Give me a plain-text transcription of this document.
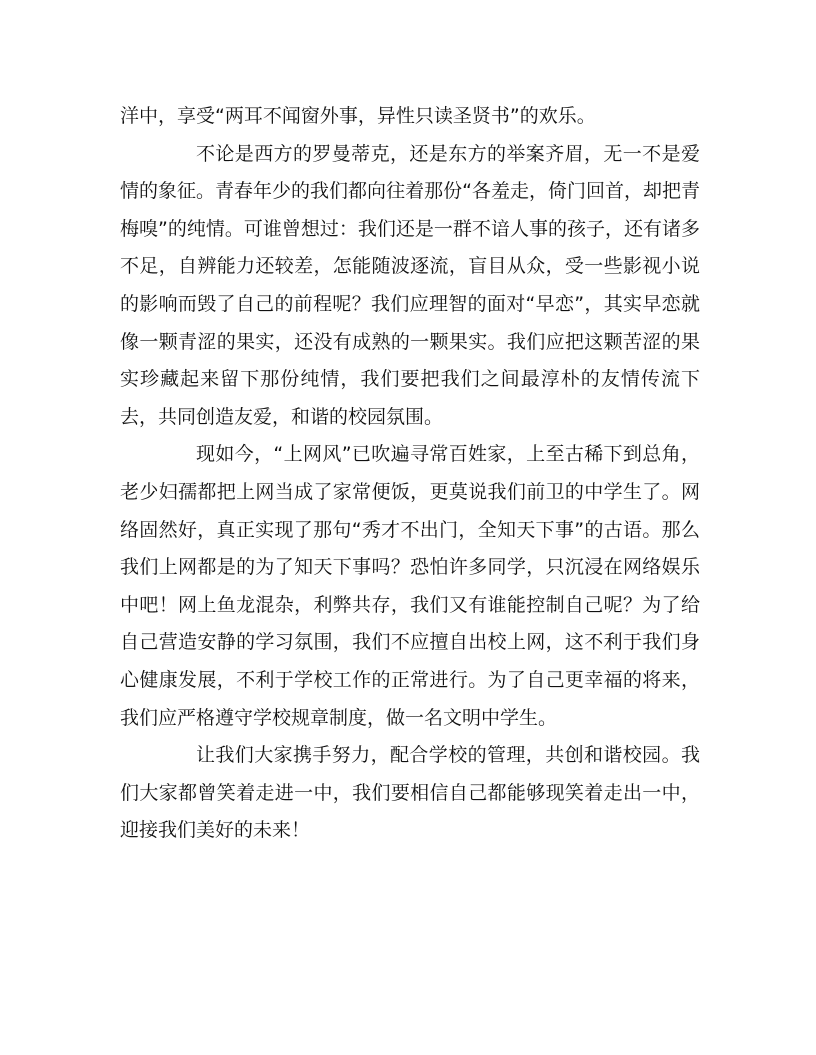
洋中，享受“两耳不闻窗外事，异性只读圣贤书”的欢乐。

不论是西方的罗曼蒂克，还是东方的举案齐眉，无一不是爱情的象征。青春年少的我们都向往着那份“各羞走，倚门回首，却把青梅嗅”的纯情。可谁曾想过：我们还是一群不谙人事的孩子，还有诸多不足，自辨能力还较差，怎能随波逐流，盲目从众，受一些影视小说的影响而毁了自己的前程呢？我们应理智的面对“早恋”，其实早恋就像一颗青涩的果实，还没有成熟的一颗果实。我们应把这颗苦涩的果实珍藏起来留下那份纯情，我们要把我们之间最淳朴的友情传流下去，共同创造友爱，和谐的校园氛围。

现如今，“上网风”已吹遍寻常百姓家，上至古稀下到总角，老少妇孺都把上网当成了家常便饭，更莫说我们前卫的中学生了。网络固然好，真正实现了那句“秀才不出门，全知天下事”的古语。那么我们上网都是的为了知天下事吗？恐怕许多同学，只沉浸在网络娱乐中吧！网上鱼龙混杂，利弊共存，我们又有谁能控制自己呢？为了给自己营造安静的学习氛围，我们不应擅自出校上网，这不利于我们身心健康发展，不利于学校工作的正常进行。为了自己更幸福的将来，我们应严格遵守学校规章制度，做一名文明中学生。

让我们大家携手努力，配合学校的管理，共创和谐校园。我们大家都曾笑着走进一中，我们要相信自己都能够现笑着走出一中，迎接我们美好的未来！
